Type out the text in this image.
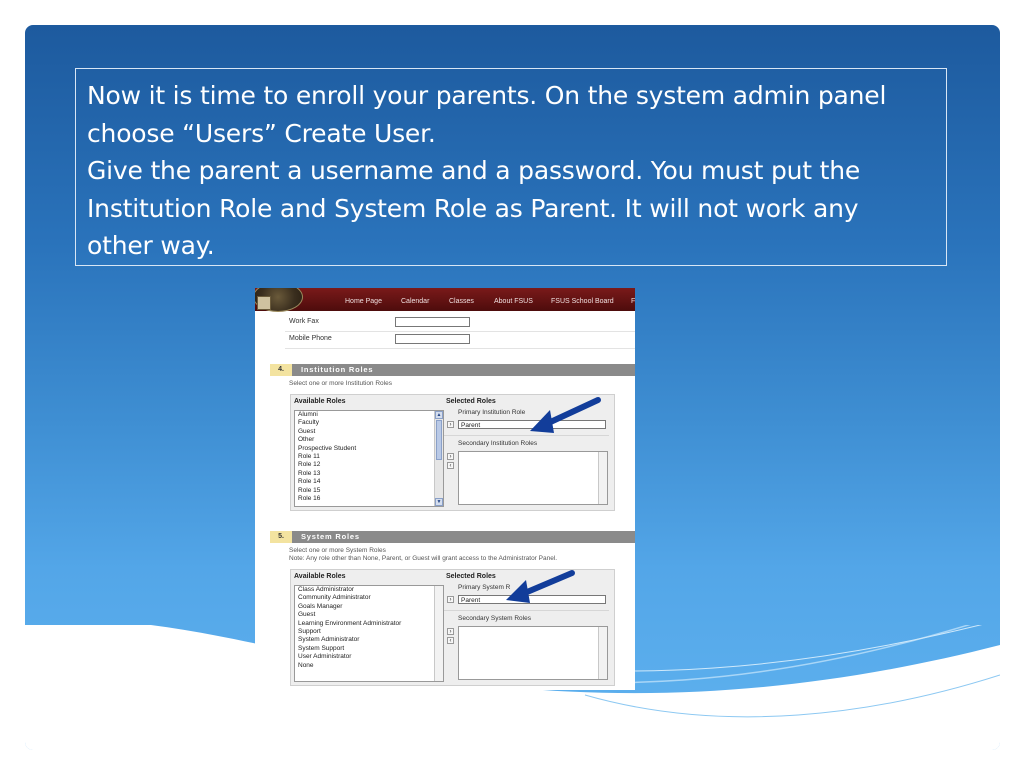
Now it is time to enroll your parents. On the system admin panel
choose “Users” Create User.
Give the parent a username and a password. You must put the
Institution Role and System Role as Parent. It will not work any
other way.

Home Page	Calendar	Classes	About FSUS	FSUS School Board F
Work Fax
Mobile Phone
4.	Institution Roles
Select one or more Institution Roles
Available Roles	Selected Roles
Alumni
Faculty
Guest
Other
Prospective Student
Role 11
Role 12
Role 13
Role 14
Role 15
Role 16
▲
▼
Primary Institution Role
›	Parent
Secondary Institution Roles
›
‹
5.	System Roles
Select one or more System Roles
Note: Any role other than None, Parent, or Guest will grant access to the Administrator Panel.
Available Roles	Selected Roles
Class Administrator
Community Administrator
Goals Manager
Guest
Learning Environment Administrator
Support
System Administrator
System Support
User Administrator
None
Primary System R
›	Parent
Secondary System Roles
›
‹
